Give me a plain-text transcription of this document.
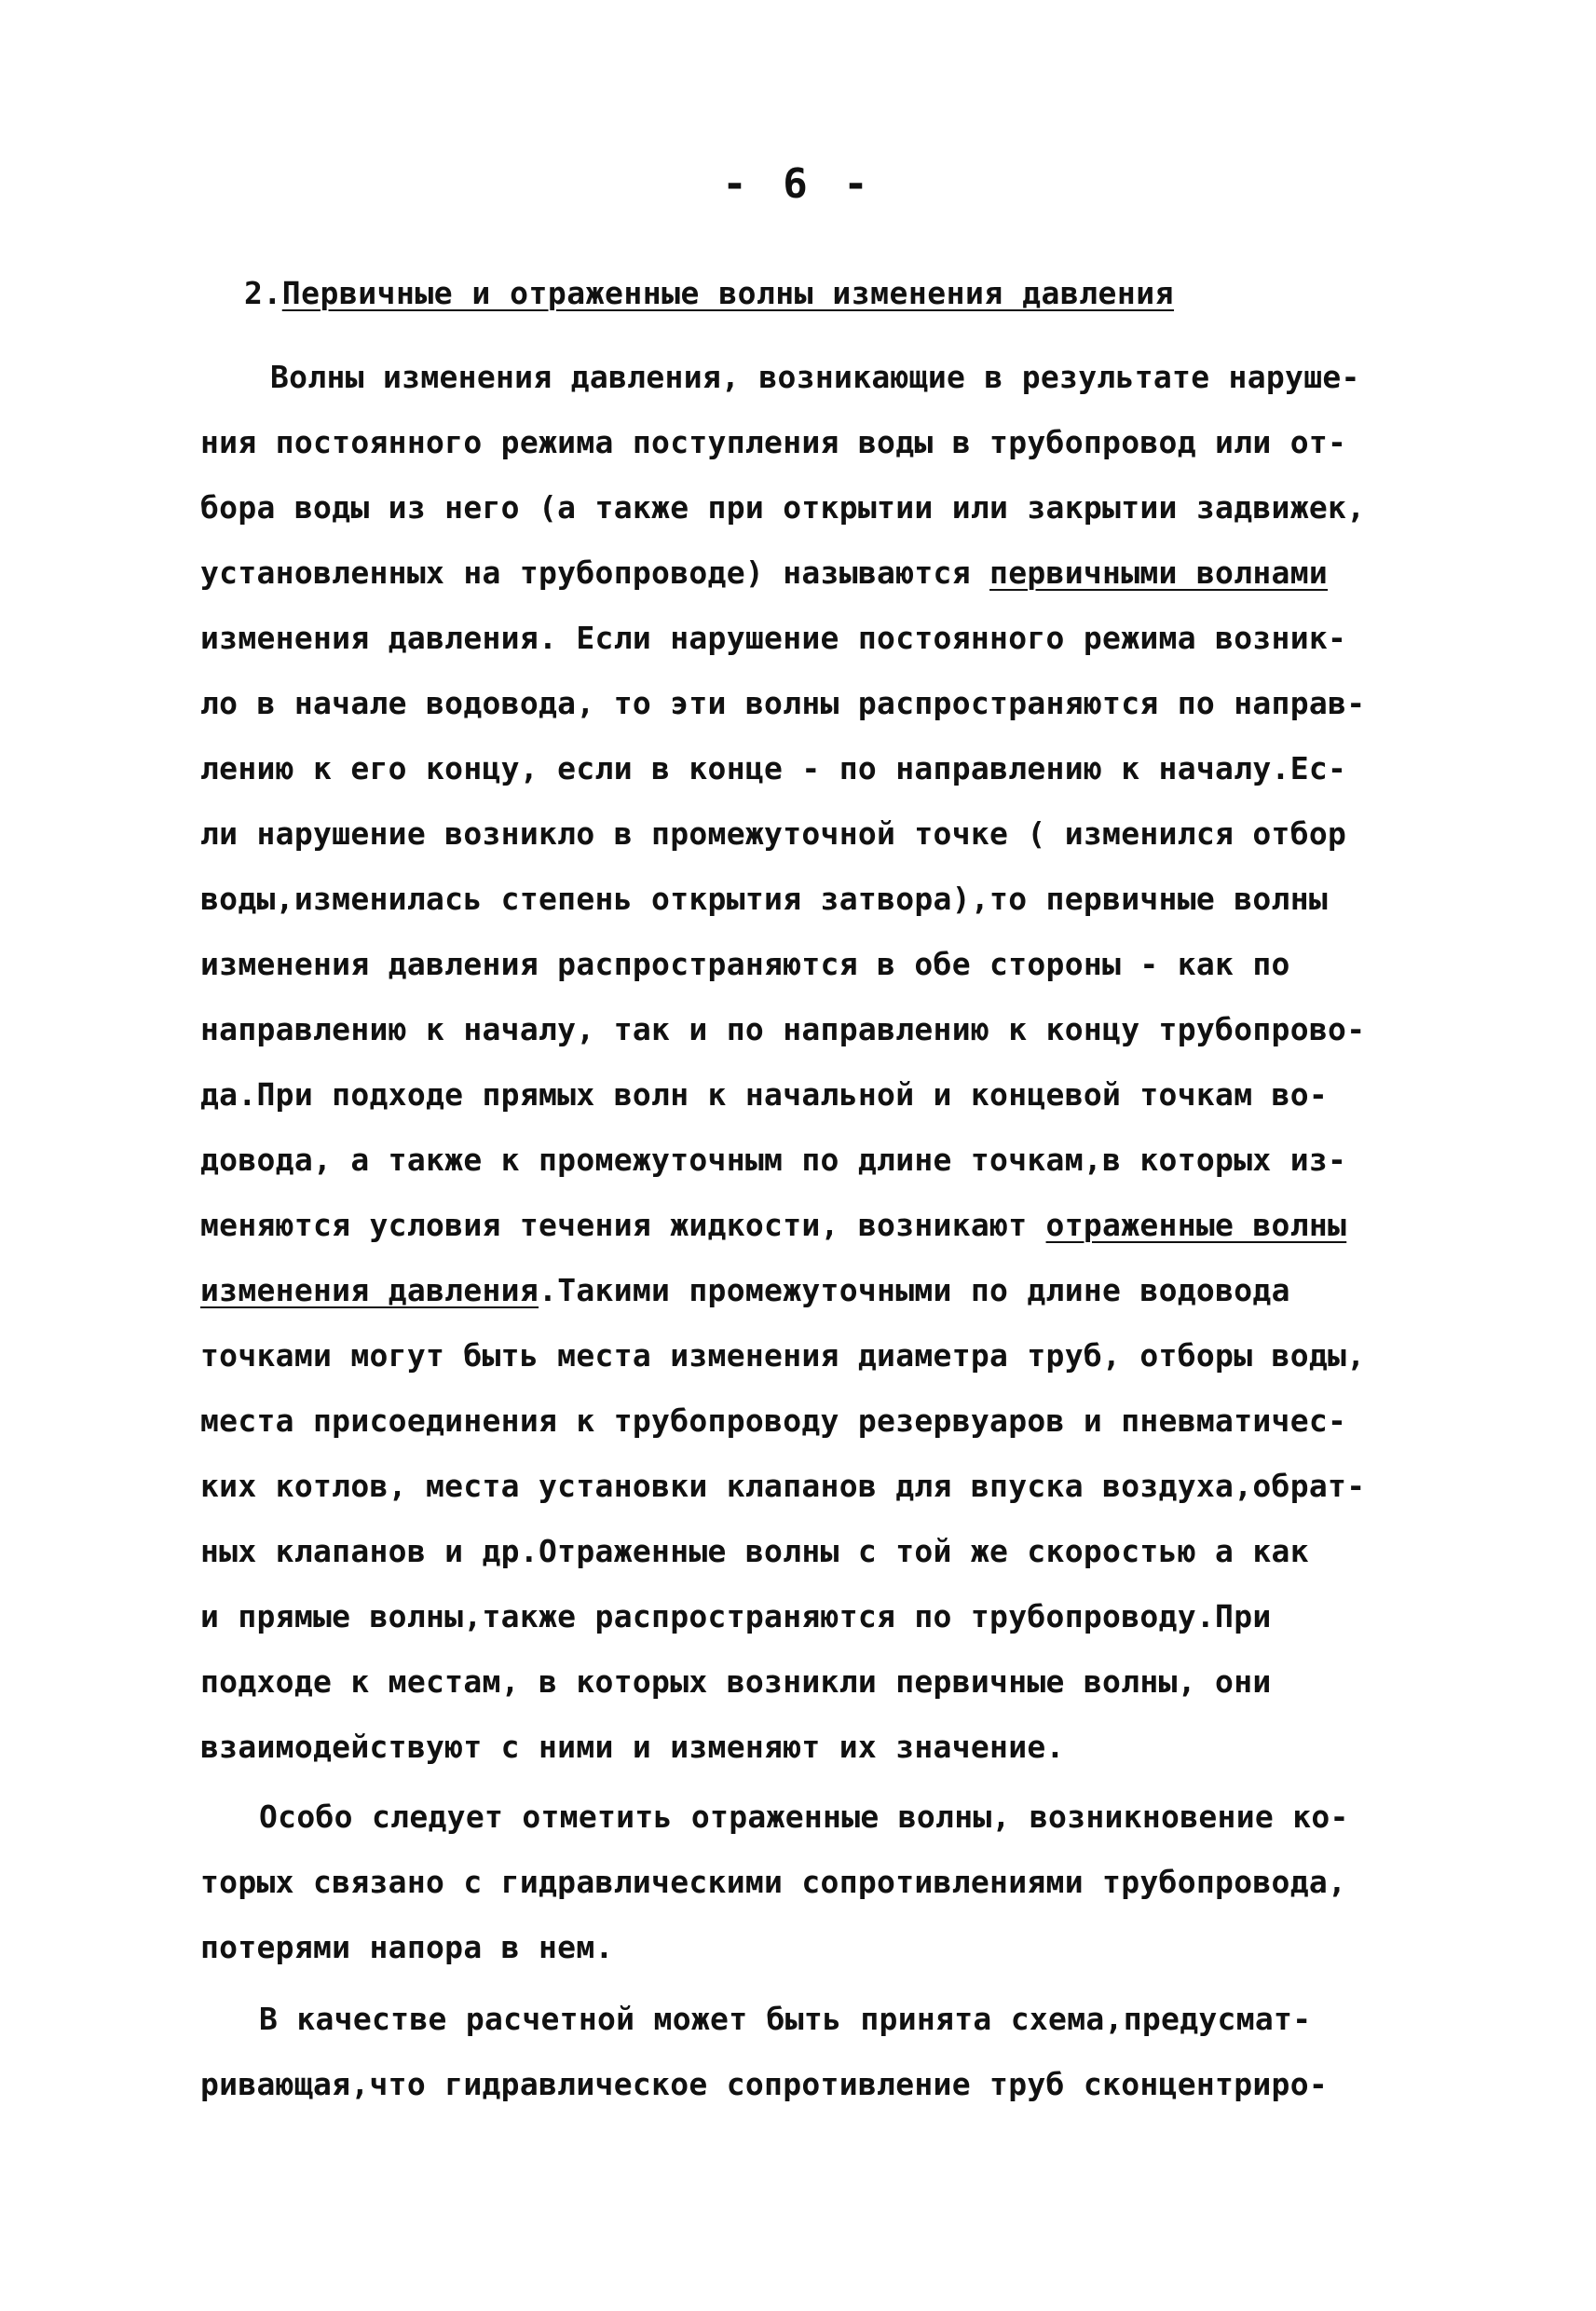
- 6 -
2.Первичные и отраженные волны изменения давления
Волны изменения давления, возникающие в результате наруше-
ния постоянного режима поступления воды в трубопровод или от-
бора воды из него (а также при открытии или закрытии задвижек,
установленных на трубопроводе) называются первичными волнами
изменения давления. Если нарушение постоянного режима возник-
ло в начале водовода, то эти волны распространяются по направ-
лению к его концу, если в конце - по направлению к началу.Ес-
ли нарушение возникло в промежуточной точке ( изменился отбор
воды,изменилась степень открытия затвора),то первичные волны
изменения давления распространяются в обе стороны - как по
направлению к началу, так и по направлению к концу трубопрово-
да.При подходе прямых волн к начальной и концевой точкам во-
довода, а также к промежуточным по длине точкам,в которых из-
меняются условия течения жидкости, возникают отраженные волны
изменения давления.Такими промежуточными по длине водовода
точками могут быть места изменения диаметра труб, отборы воды,
места присоединения к трубопроводу резервуаров и пневматичес-
ких котлов, места установки клапанов для впуска воздуха,обрат-
ных клапанов и др.Отраженные волны с той же скоростью a как
и прямые волны,также распространяются по трубопроводу.При
подходе к местам, в которых возникли первичные волны, они
взаимодействуют с ними и изменяют их значение.
Особо следует отметить отраженные волны, возникновение ко-
торых связано с гидравлическими сопротивлениями трубопровода,
потерями напора в нем.
В качестве расчетной может быть принята схема,предусмат-
ривающая,что гидравлическое сопротивление труб сконцентриро-
